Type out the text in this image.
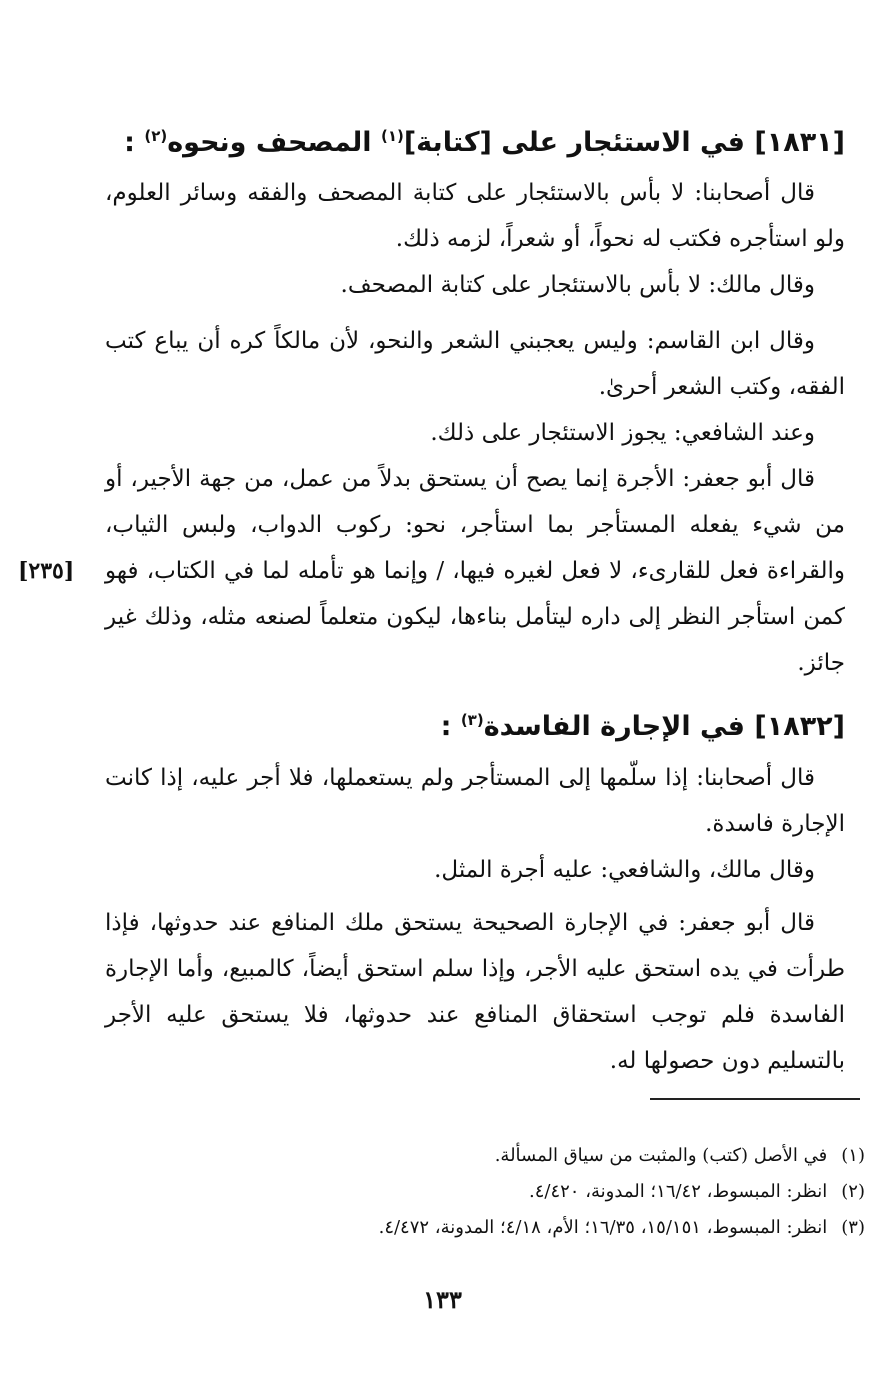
[١٨٣١] في الاستئجار على [كتابة]$^{(١)}$ المصحف ونحوه$^{(٢)}$ :
قال أصحابنا: لا بأس بالاستئجار على كتابة المصحف والفقه وسائر العلوم، ولو استأجره فكتب له نحواً، أو شعراً، لزمه ذلك.
وقال مالك: لا بأس بالاستئجار على كتابة المصحف.
وقال ابن القاسم: وليس يعجبني الشعر والنحو، لأن مالكاً كره أن يباع كتب الفقه، وكتب الشعر أحرىٰ.
وعند الشافعي: يجوز الاستئجار على ذلك.
قال أبو جعفر: الأجرة إنما يصح أن يستحق بدلاً من عمل، من جهة الأجير، أو من شيء يفعله المستأجر بما استأجر، نحو: ركوب الدواب، ولبس الثياب، والقراءة فعل للقارىء، لا فعل لغيره فيها، / وإنما هو تأمله لما في الكتاب، فهو كمن استأجر النظر إلى داره ليتأمل بناءها، ليكون متعلماً لصنعه مثله، وذلك غير جائز.
[٢٣٥]
[١٨٣٢] في الإجارة الفاسدة$^{(٣)}$ :
قال أصحابنا: إذا سلّمها إلى المستأجر ولم يستعملها، فلا أجر عليه، إذا كانت الإجارة فاسدة.
وقال مالك، والشافعي: عليه أجرة المثل.
قال أبو جعفر: في الإجارة الصحيحة يستحق ملك المنافع عند حدوثها، فإذا طرأت في يده استحق عليه الأجر، وإذا سلم استحق أيضاً، كالمبيع، وأما الإجارة الفاسدة فلم توجب استحقاق المنافع عند حدوثها، فلا يستحق عليه الأجر بالتسليم دون حصولها له.
(١) في الأصل (كتب) والمثبت من سياق المسألة.
(٢) انظر: المبسوط، ١٦/٤٢؛ المدونة، ٤/٤٢٠.
(٣) انظر: المبسوط، ١٥/١٥١، ١٦/٣٥؛ الأم، ٤/١٨؛ المدونة، ٤/٤٧٢.
١٣٣
